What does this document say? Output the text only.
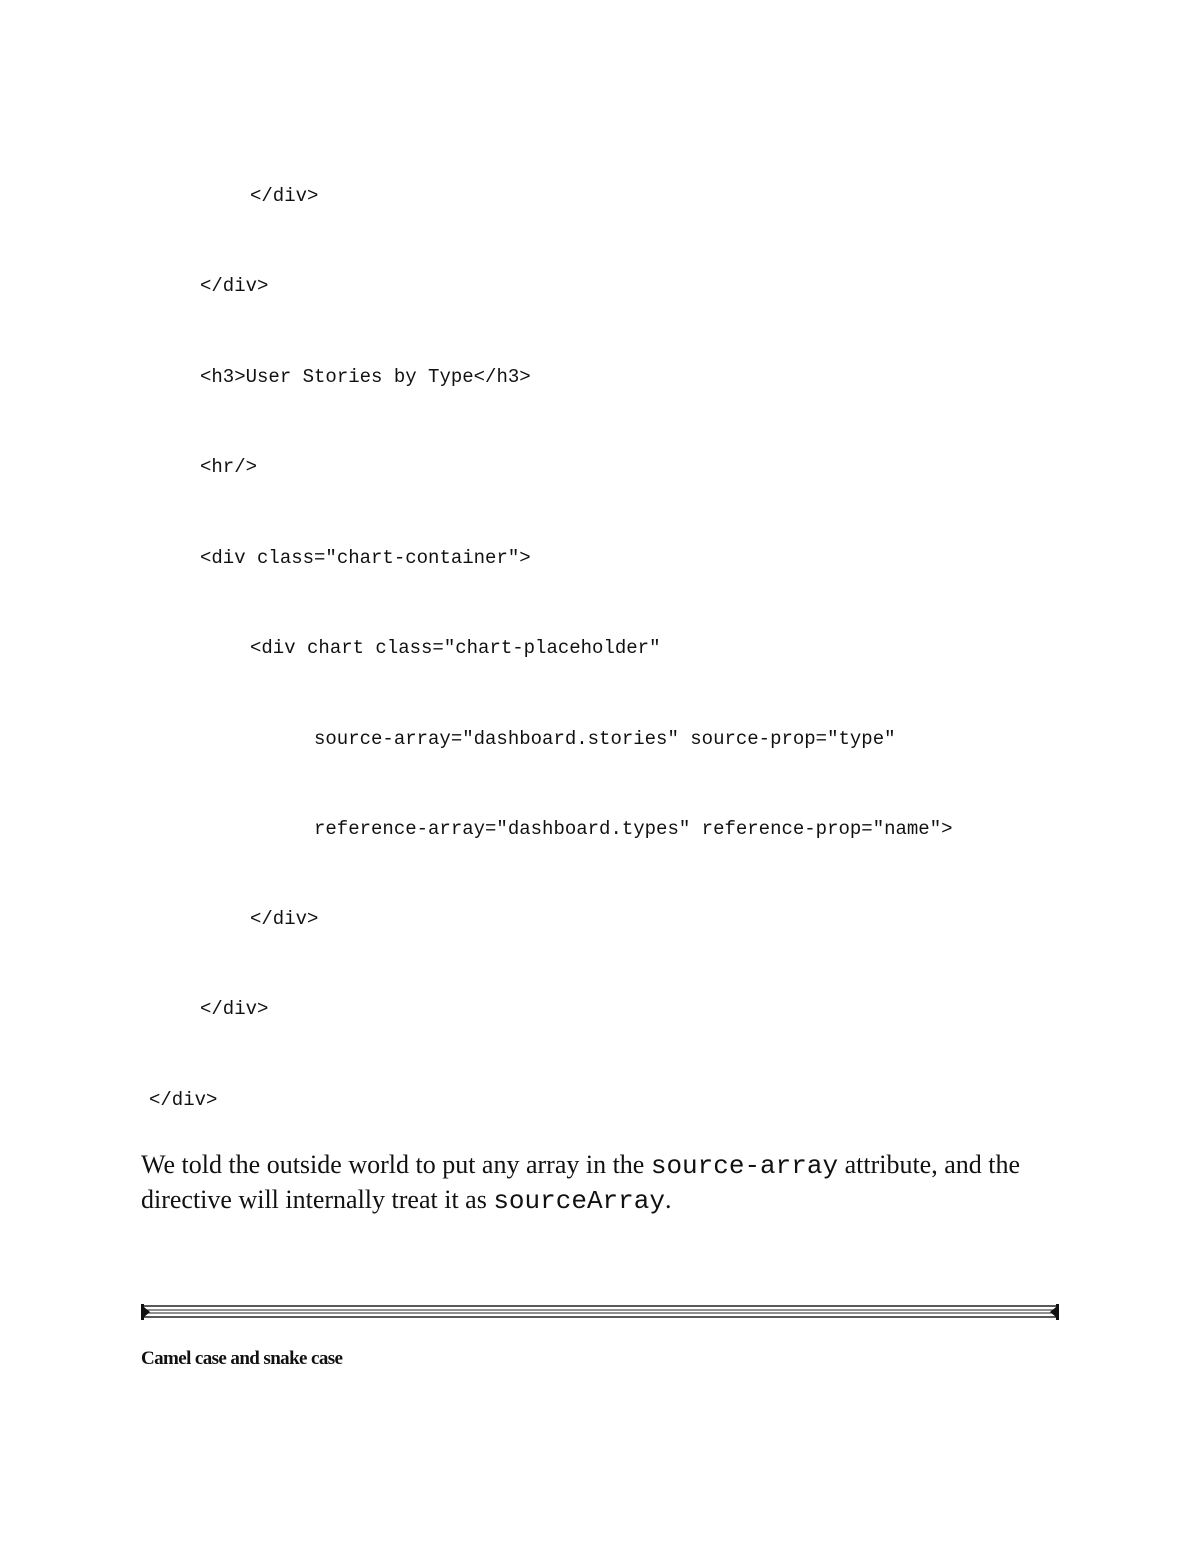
</div>
</div>
<h3>User Stories by Type</h3>
<hr/>
<div class="chart-container">
<div chart class="chart-placeholder"
source-array="dashboard.stories" source-prop="type"
reference-array="dashboard.types" reference-prop="name">
</div>
</div>
</div>

We told the outside world to put any array in the source-array attribute, and the directive will internally treat it as sourceArray.

Camel case and snake case
